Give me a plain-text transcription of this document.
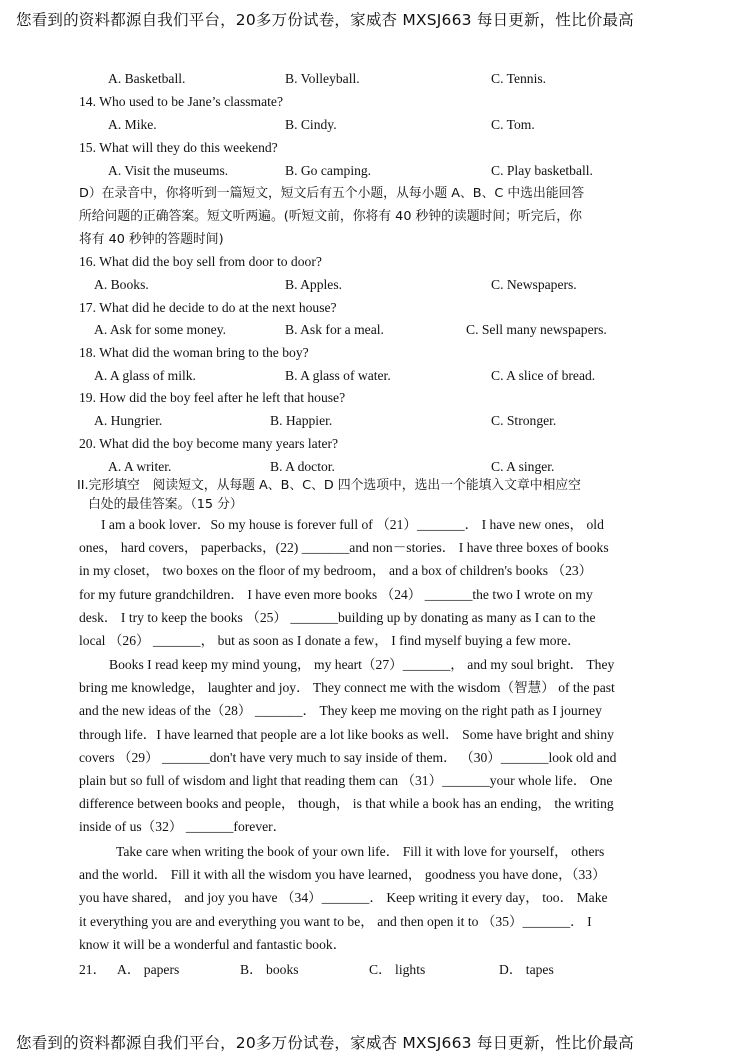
您看到的资料都源自我们平台，20多万份试卷，家威杏 MXSJ663 每日更新，性比价最高
A. Basketball.	B. Volleyball.	C. Tennis.
14. Who used to be Jane’s classmate?
A. Mike.	B. Cindy.	C. Tom.
15. What will they do this weekend?
A. Visit the museums.	B. Go camping.	C. Play basketball.
D）在录音中，你将听到一篇短文，短文后有五个小题，从每小题 A、B、C 中选出能回答
所给问题的正确答案。短文听两遍。(听短文前，你将有 40 秒钟的读题时间；听完后，你
将有 40 秒钟的答题时间)
16. What did the boy sell from door to door?
A. Books.	B. Apples.	C. Newspapers.
17. What did he decide to do at the next house?
A. Ask for some money.	B. Ask for a meal.	C. Sell many newspapers.
18. What did the woman bring to the boy?
A. A glass of milk.	B. A glass of water.	C. A slice of bread.
19. How did the boy feel after he left that house?
A. Hungrier.	B. Happier.	C. Stronger.
20. What did the boy become many years later?
A. A writer.	B. A doctor.	C. A singer.
II.完形填空　阅读短文，从每题 A、B、C、D 四个选项中，选出一个能填入文章中相应空
白处的最佳答案。（15 分）
I am a book lover．So my house is forever full of （21）_______． I have new ones， old
ones， hard covers， paperbacks，(22) _______and non－stories． I have three boxes of books
in my closet， two boxes on the floor of my bedroom， and a box of children's books （23）
for my future grandchildren． I have even more books （24） _______the two I wrote on my
desk． I try to keep the books （25） _______building up by donating as many as I can to the
local （26） _______， but as soon as I donate a few， I find myself buying a few more．
Books I read keep my mind young， my heart（27）_______， and my soul bright． They
bring me knowledge， laughter and joy． They connect me with the wisdom（智慧） of the past
and the new ideas of the（28） _______． They keep me moving on the right path as I journey
through life．I have learned that people are a lot like books as well． Some have bright and shiny
covers （29） _______don't have very much to say inside of them． （30）_______look old and
plain but so full of wisdom and light that reading them can （31）_______your whole life． One
difference between books and people， though， is that while a book has an ending， the writing
inside of us（32） _______forever．
Take care when writing the book of your own life． Fill it with love for yourself， others
and the world． Fill it with all the wisdom you have learned， goodness you have done，（33）
you have shared， and joy you have （34）_______． Keep writing it every day， too． Make
it everything you are and everything you want to be， and then open it to （35）_______． I
know it will be a wonderful and fantastic book．
21． A． papers	B． books	C． lights	D． tapes
您看到的资料都源自我们平台，20多万份试卷，家威杏 MXSJ663 每日更新，性比价最高
